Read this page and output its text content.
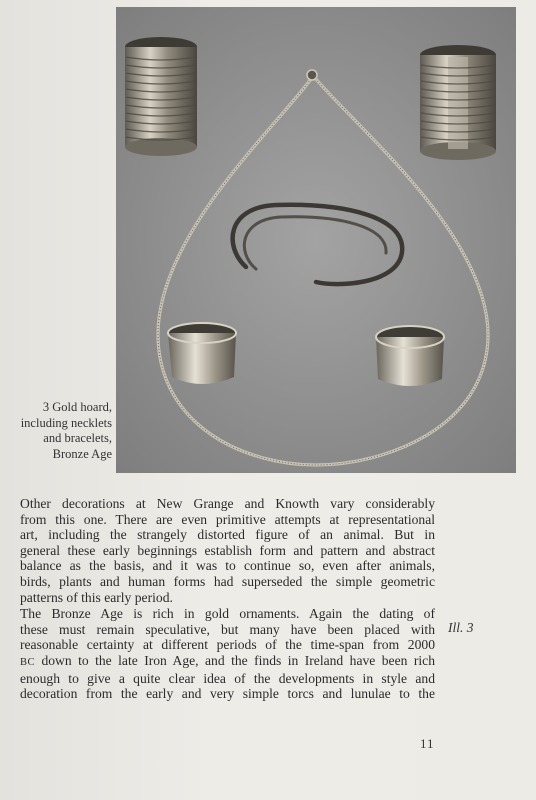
3 Gold hoard,
including necklets
and bracelets,
Bronze Age

Other decorations at New Grange and Knowth vary considerably
from this one. There are even primitive attempts at representational
art, including the strangely distorted figure of an animal. But in
general these early beginnings establish form and pattern and abstract
balance as the basis, and it was to continue so, even after animals,
birds, plants and human forms had superseded the simple geometric
patterns of this early period.

The Bronze Age is rich in gold ornaments. Again the dating of
these must remain speculative, but many have been placed with
reasonable certainty at different periods of the time-span from 2000
BC down to the late Iron Age, and the finds in Ireland have been rich
enough to give a quite clear idea of the developments in style and
decoration from the early and very simple torcs and lunulae to the

Ill. 3
11
